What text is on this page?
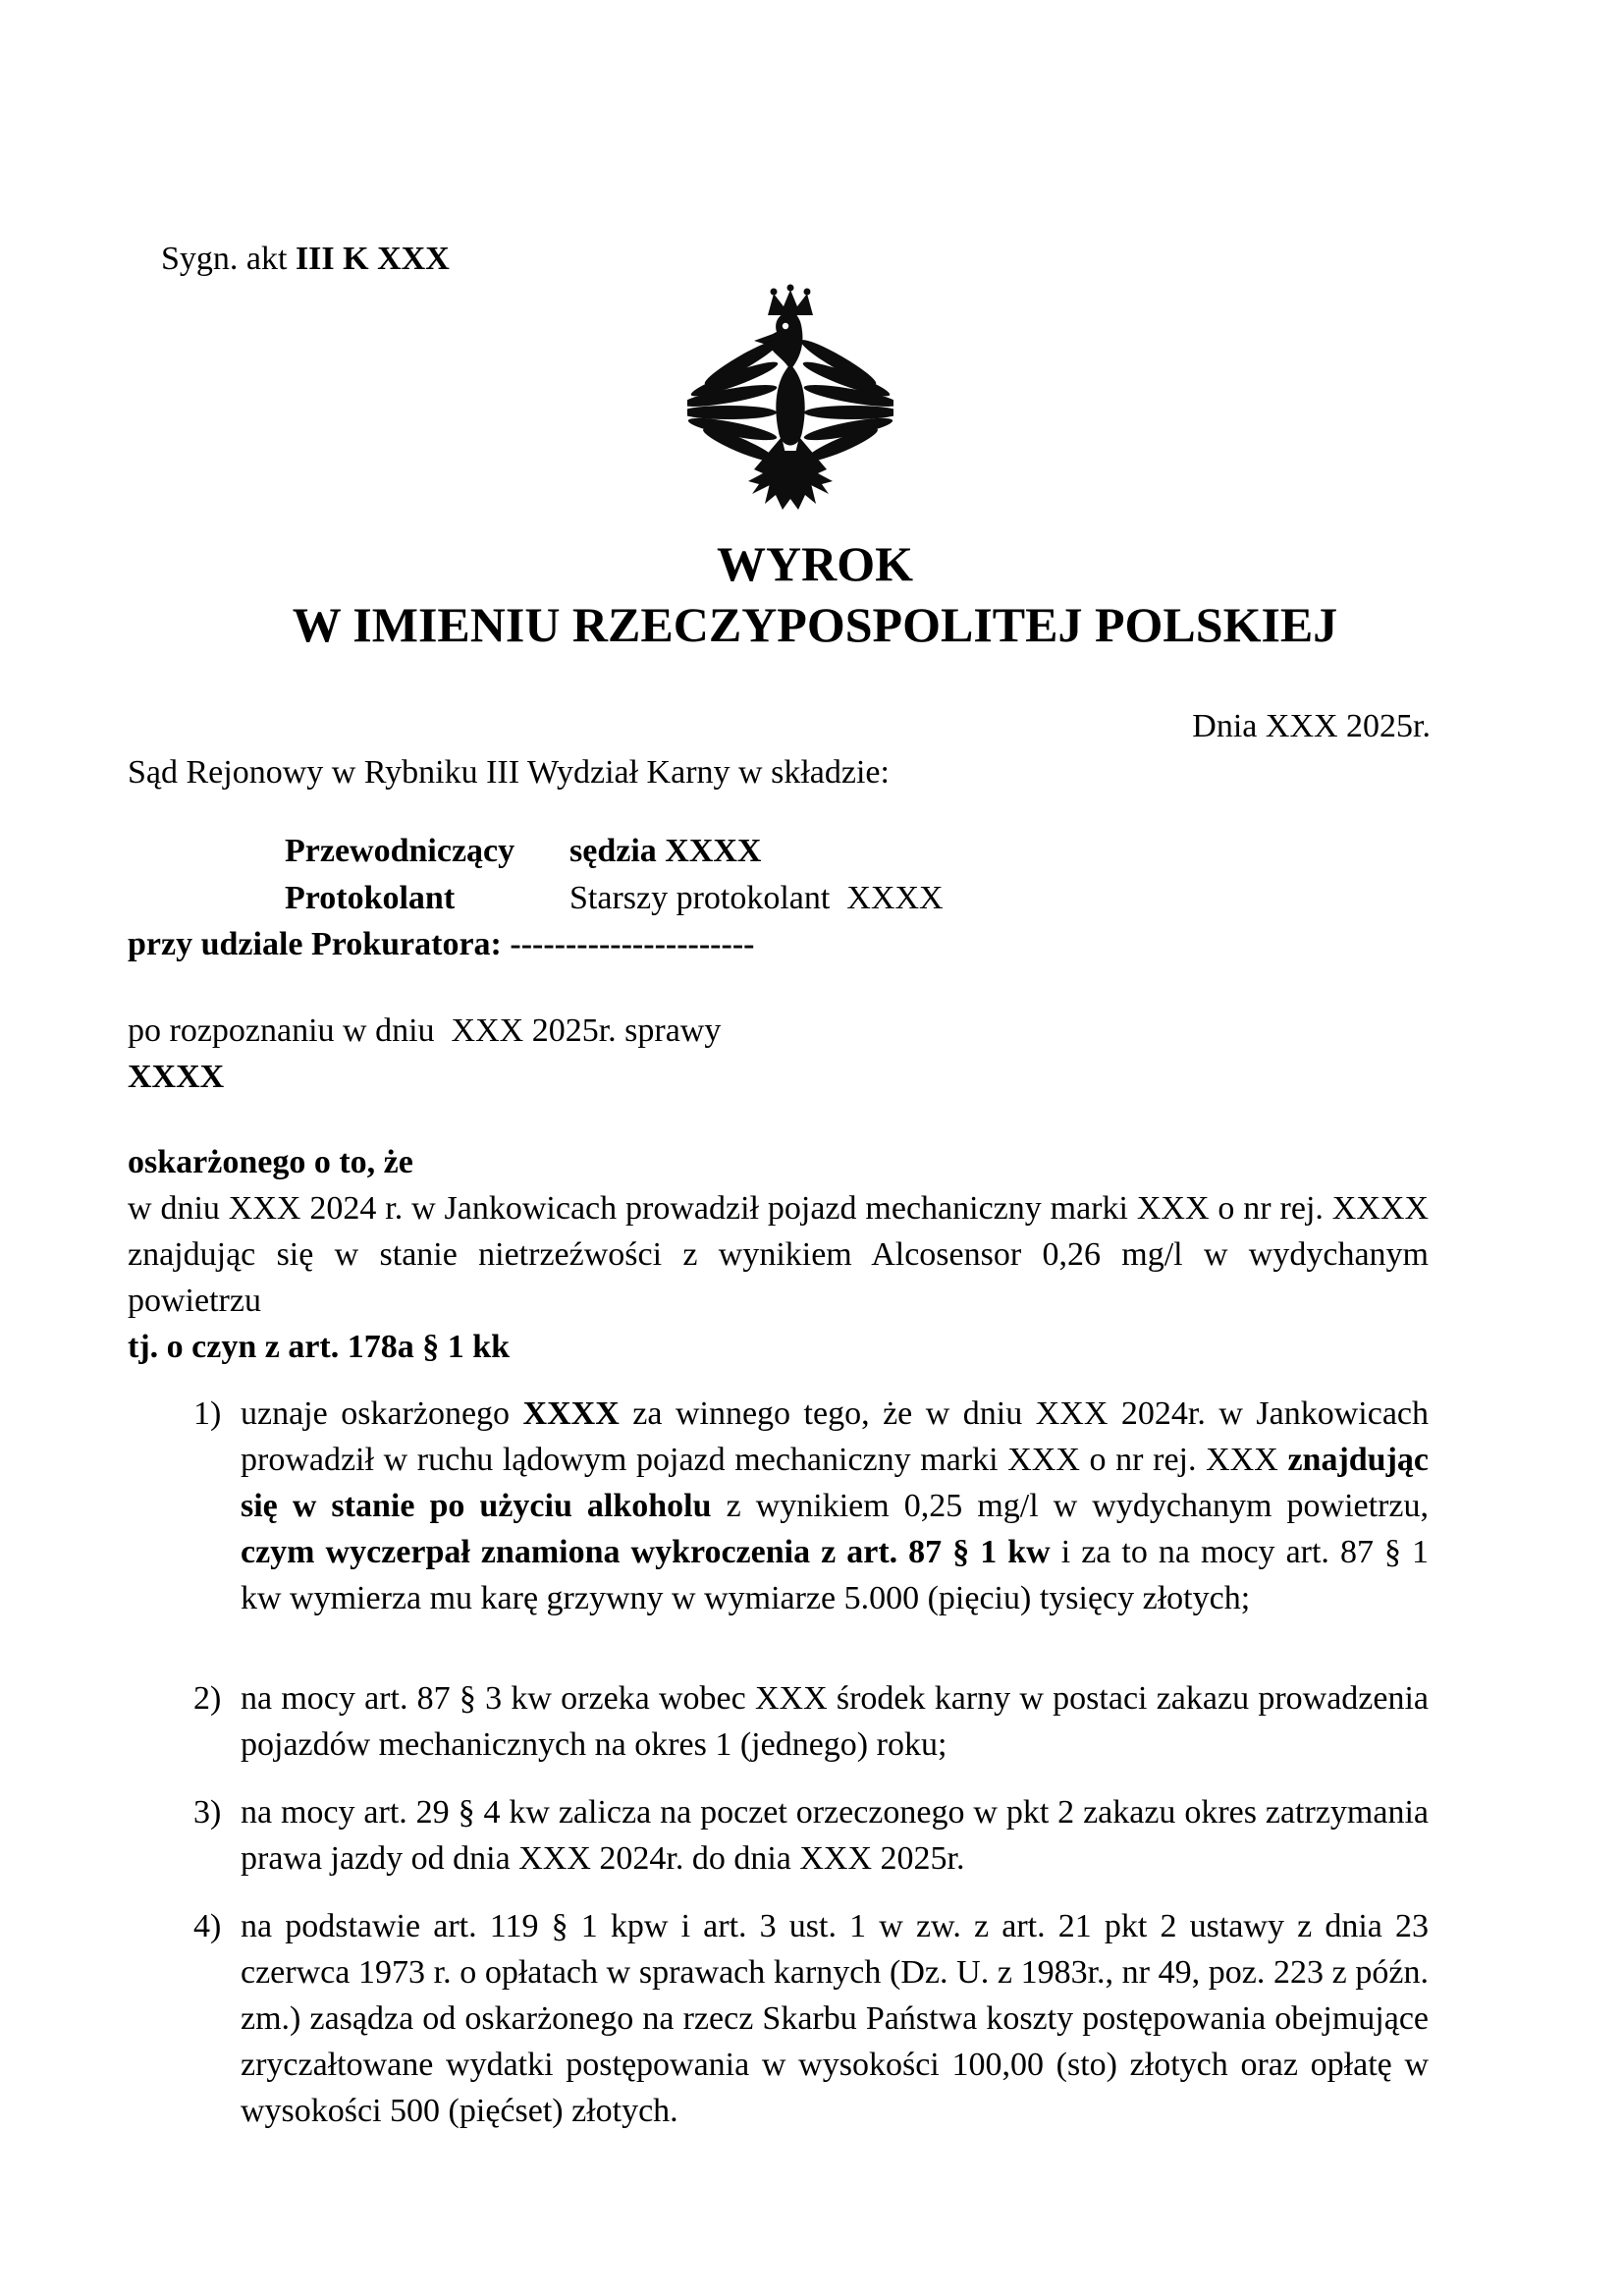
Sygn. akt III K XXX

WYROK
W IMIENIU RZECZYPOSPOLITEJ POLSKIEJ
Dnia XXX 2025r.
Sąd Rejonowy w Rybniku III Wydział Karny w składzie:
Przewodniczący	sędzia XXXX
Protokolant	Starszy protokolant  XXXX
przy udziale Prokuratora: ----------------------
po rozpoznaniu w dniu  XXX 2025r. sprawy
XXXX
oskarżonego o to, że
w dniu XXX 2024 r. w Jankowicach prowadził pojazd mechaniczny marki XXX o nr rej. XXXX znajdując się w stanie nietrzeźwości z wynikiem Alcosensor 0,26 mg/l w wydychanym powietrzu
tj. o czyn z art. 178a § 1 kk
1) uznaje oskarżonego XXXX za winnego tego, że w dniu XXX 2024r. w Jankowicach prowadził w ruchu lądowym pojazd mechaniczny marki XXX o nr rej. XXX znajdując się w stanie po użyciu alkoholu z wynikiem 0,25 mg/l w wydychanym powietrzu, czym wyczerpał znamiona wykroczenia z art. 87 § 1 kw i za to na mocy art. 87 § 1 kw wymierza mu karę grzywny w wymiarze 5.000 (pięciu) tysięcy złotych;
2) na mocy art. 87 § 3 kw orzeka wobec XXX środek karny w postaci zakazu prowadzenia pojazdów mechanicznych na okres 1 (jednego) roku;
3) na mocy art. 29 § 4 kw zalicza na poczet orzeczonego w pkt 2 zakazu okres zatrzymania prawa jazdy od dnia XXX 2024r. do dnia XXX 2025r.
4) na podstawie art. 119 § 1 kpw i art. 3 ust. 1 w zw. z art. 21 pkt 2 ustawy z dnia 23 czerwca 1973 r. o opłatach w sprawach karnych (Dz. U. z 1983r., nr 49, poz. 223 z późn. zm.) zasądza od oskarżonego na rzecz Skarbu Państwa koszty postępowania obejmujące zryczałtowane wydatki postępowania w wysokości 100,00 (sto) złotych oraz opłatę w wysokości 500 (pięćset) złotych.
